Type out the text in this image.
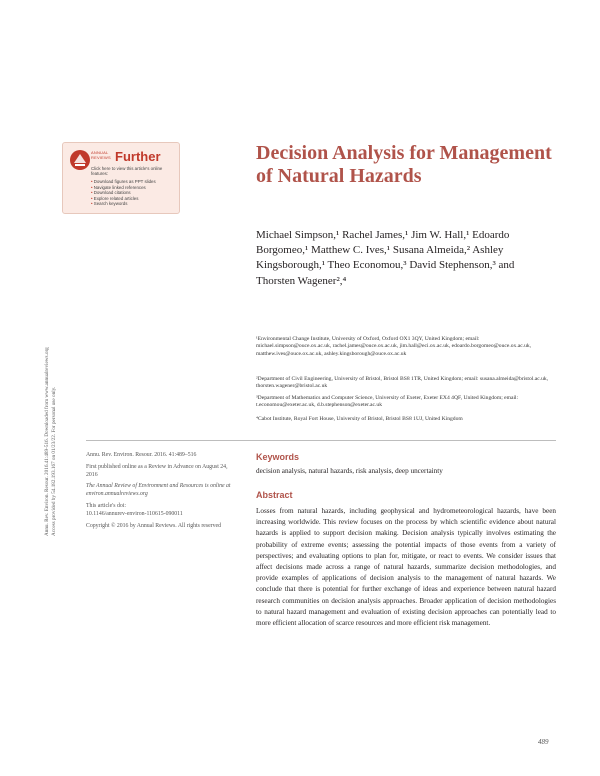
Annu. Rev. Environ. Resour. 2016.41:489-516. Downloaded from www.annualreviews.org Access provided by 54.182.193.167 on 01/23/22. For personal use only.
ANNUAL
REVIEWS Further
Click here to view this article's online features:
• Download figures as PPT slides
• Navigate linked references
• Download citations
• Explore related articles
• Search keywords
Decision Analysis for Management of Natural Hazards
Michael Simpson,¹ Rachel James,¹ Jim W. Hall,¹ Edoardo Borgomeo,¹ Matthew C. Ives,¹ Susana Almeida,² Ashley Kingsborough,¹ Theo Economou,³ David Stephenson,³ and Thorsten Wagener²,⁴
¹Environmental Change Institute, University of Oxford, Oxford OX1 3QY, United Kingdom; email: michael.simpson@ouce.ox.ac.uk, rachel.james@ouce.ox.ac.uk, jim.hall@eci.ox.ac.uk, edoardo.borgomeo@ouce.ox.ac.uk, matthew.ives@ouce.ox.ac.uk, ashley.kingsborough@ouce.ox.ac.uk
²Department of Civil Engineering, University of Bristol, Bristol BS8 1TR, United Kingdom; email: susana.almeida@bristol.ac.uk, thorsten.wagener@bristol.ac.uk
³Department of Mathematics and Computer Science, University of Exeter, Exeter EX4 4QF, United Kingdom; email: t.economou@exeter.ac.uk, d.b.stephenson@exeter.ac.uk
⁴Cabot Institute, Royal Fort House, University of Bristol, Bristol BS8 1UJ, United Kingdom

Annu. Rev. Environ. Resour. 2016. 41:489–516

First published online as a Review in Advance on August 24, 2016

The Annual Review of Environment and Resources is online at environ.annualreviews.org

This article's doi:
10.1146/annurev-environ-110615-090011

Copyright © 2016 by Annual Reviews. All rights reserved

Keywords
decision analysis, natural hazards, risk analysis, deep uncertainty
Abstract

Losses from natural hazards, including geophysical and hydrometeorological hazards, have been increasing worldwide. This review focuses on the process by which scientific evidence about natural hazards is applied to support decision making. Decision analysis typically involves estimating the probability of extreme events; assessing the potential impacts of those events from a variety of perspectives; and evaluating options to plan for, mitigate, or react to events. We consider issues that affect decisions made across a range of natural hazards, summarize decision methodologies, and provide examples of applications of decision analysis to the management of natural hazards. We conclude that there is potential for further exchange of ideas and experience between natural hazard research communities on decision analysis approaches. Broader application of decision methodologies to natural hazard management and evaluation of existing decision approaches can potentially lead to more efficient allocation of scarce resources and more efficient risk management.

489
